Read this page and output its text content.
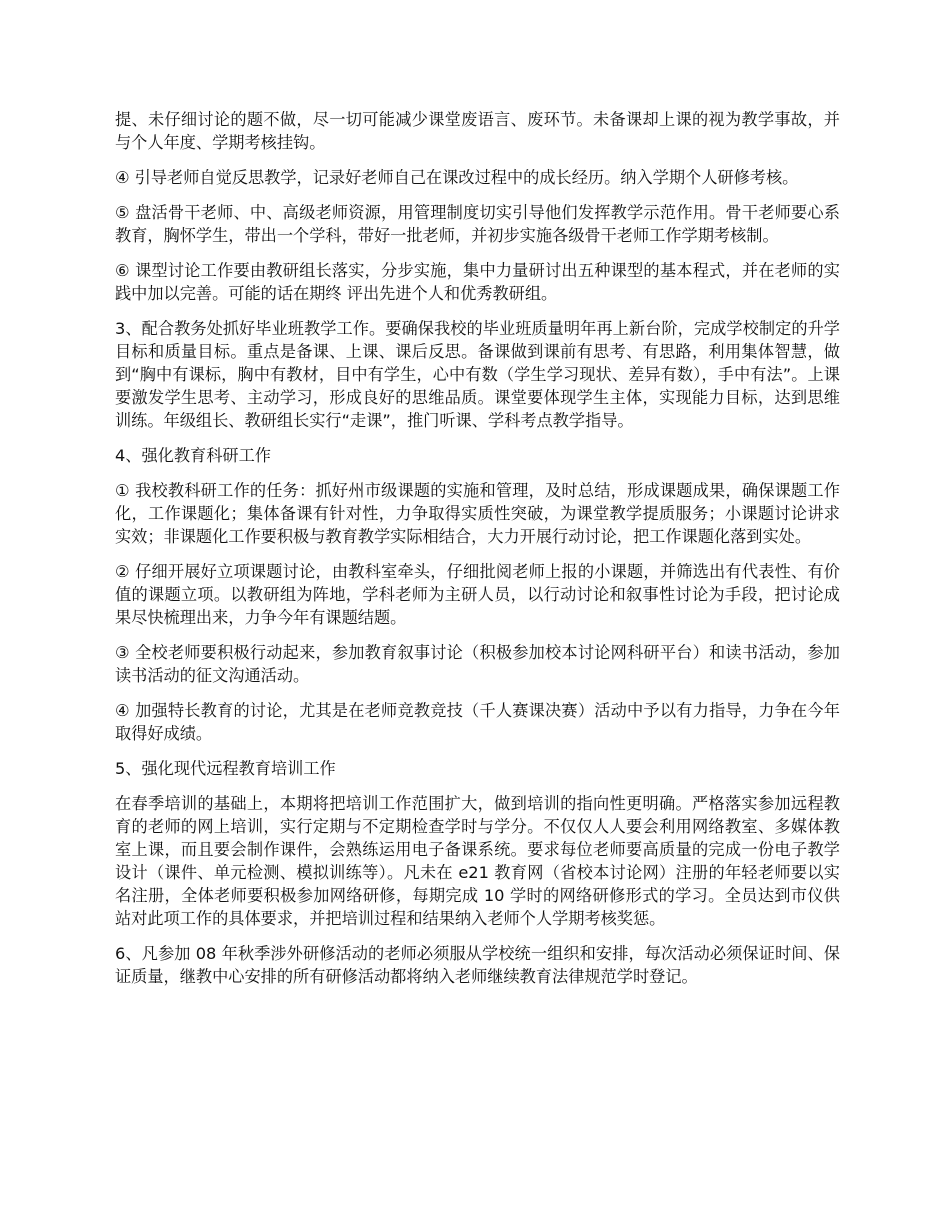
提、未仔细讨论的题不做，尽一切可能减少课堂废语言、废环节。未备课却上课的视为教学事故，并与个人年度、学期考核挂钩。

④ 引导老师自觉反思教学，记录好老师自己在课改过程中的成长经历。纳入学期个人研修考核。

⑤ 盘活骨干老师、中、高级老师资源，用管理制度切实引导他们发挥教学示范作用。骨干老师要心系教育，胸怀学生，带出一个学科，带好一批老师，并初步实施各级骨干老师工作学期考核制。

⑥ 课型讨论工作要由教研组长落实，分步实施，集中力量研讨出五种课型的基本程式，并在老师的实践中加以完善。可能的话在期终 评出先进个人和优秀教研组。

3、配合教务处抓好毕业班教学工作。要确保我校的毕业班质量明年再上新台阶，完成学校制定的升学目标和质量目标。重点是备课、上课、课后反思。备课做到课前有思考、有思路，利用集体智慧，做到“胸中有课标，胸中有教材，目中有学生，心中有数（学生学习现状、差异有数），手中有法”。上课要激发学生思考、主动学习，形成良好的思维品质。课堂要体现学生主体，实现能力目标，达到思维训练。年级组长、教研组长实行“走课”，推门听课、学科考点教学指导。

4、强化教育科研工作

① 我校教科研工作的任务：抓好州市级课题的实施和管理，及时总结，形成课题成果，确保课题工作化，工作课题化；集体备课有针对性，力争取得实质性突破，为课堂教学提质服务；小课题讨论讲求实效；非课题化工作要积极与教育教学实际相结合，大力开展行动讨论，把工作课题化落到实处。

② 仔细开展好立项课题讨论，由教科室牵头，仔细批阅老师上报的小课题，并筛选出有代表性、有价值的课题立项。以教研组为阵地，学科老师为主研人员，以行动讨论和叙事性讨论为手段，把讨论成果尽快梳理出来，力争今年有课题结题。

③ 全校老师要积极行动起来，参加教育叙事讨论（积极参加校本讨论网科研平台）和读书活动，参加读书活动的征文沟通活动。

④ 加强特长教育的讨论，尤其是在老师竞教竞技（千人赛课决赛）活动中予以有力指导，力争在今年取得好成绩。

5、强化现代远程教育培训工作

在春季培训的基础上，本期将把培训工作范围扩大，做到培训的指向性更明确。严格落实参加远程教育的老师的网上培训，实行定期与不定期检查学时与学分。不仅仅人人要会利用网络教室、多媒体教室上课，而且要会制作课件，会熟练运用电子备课系统。要求每位老师要高质量的完成一份电子教学设计（课件、单元检测、模拟训练等）。凡未在 e21 教育网（省校本讨论网）注册的年轻老师要以实名注册，全体老师要积极参加网络研修，每期完成 10 学时的网络研修形式的学习。全员达到市仪供站对此项工作的具体要求，并把培训过程和结果纳入老师个人学期考核奖惩。

6、凡参加 08 年秋季涉外研修活动的老师必须服从学校统一组织和安排，每次活动必须保证时间、保证质量，继教中心安排的所有研修活动都将纳入老师继续教育法律规范学时登记。
